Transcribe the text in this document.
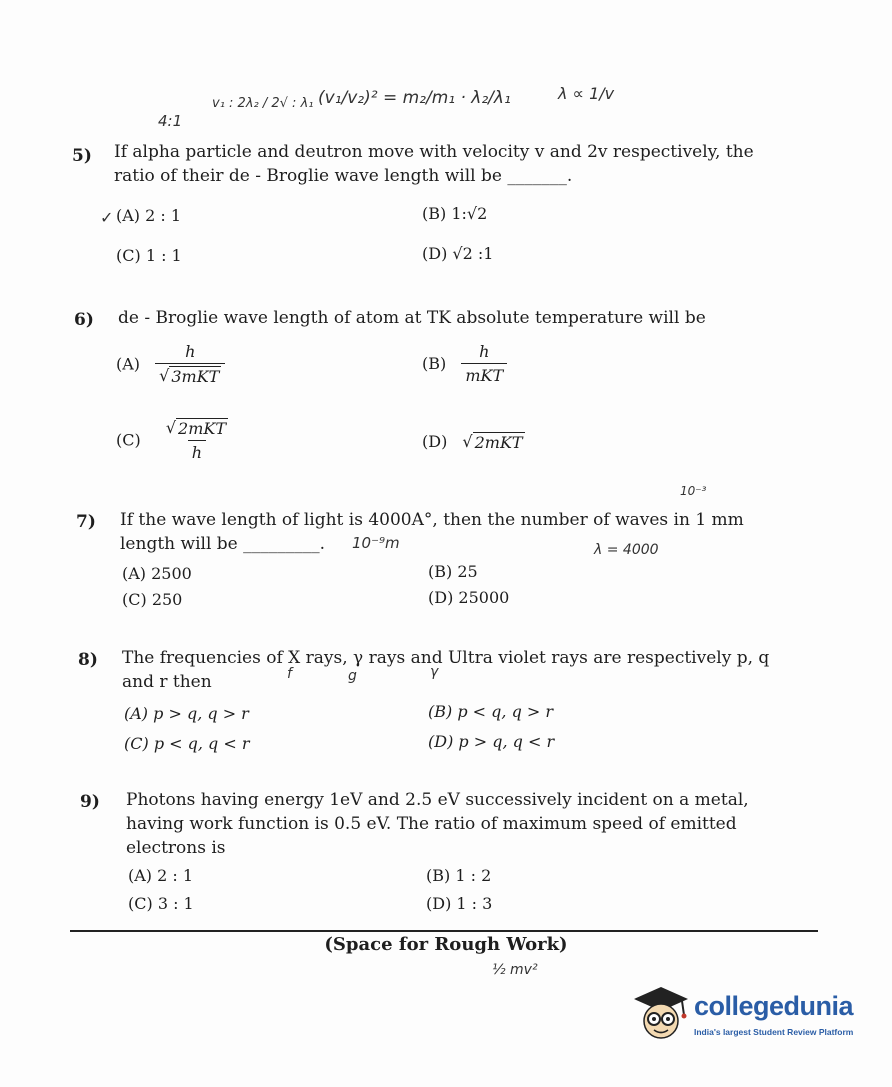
4:1
v₁ : 2λ₂ / 2√ : λ₁ (v₁/v₂)² = m₂/m₁ · λ₂/λ₁	λ ∝ 1/v
5) If alpha particle and deutron move with velocity v and 2v respectively, the
ratio of their de - Broglie wave length will be _______.
(A) 2 : 1
✓	(B) 1:√2
(C) 1 : 1	(D) √2 :1
6) de - Broglie wave length of atom at TK absolute temperature will be
$(A) \frac{h}{\text{√ 3mKT}}$	$(B) \frac{h}{\text{mKT}}$
$(C) \frac{\text{√ 2mKT}}{h}$	(D) √ 2mKT
10⁻³
7) If the wave length of light is 4000A°, then the number of waves in 1 mm
length will be _________. 10⁻⁹m	λ = 4000
(A) 2500	(B) 25
(C) 250	(D) 25000
8) The frequencies of X rays, γ rays and Ultra violet rays are respectively p, q
and r then	f	g	γ
(A) p > q, q > r	(B) p < q, q > r
(C) p < q, q < r	(D) p > q, q < r
9) Photons having energy 1eV and 2.5 eV successively incident on a metal,
having work function is 0.5 eV. The ratio of maximum speed of emitted
electrons is
(A) 2 : 1	(B) 1 : 2
(C) 3 : 1	(D) 1 : 3
(Space for Rough Work)
½ mv²
collegedunia
India's largest Student Review Platform
